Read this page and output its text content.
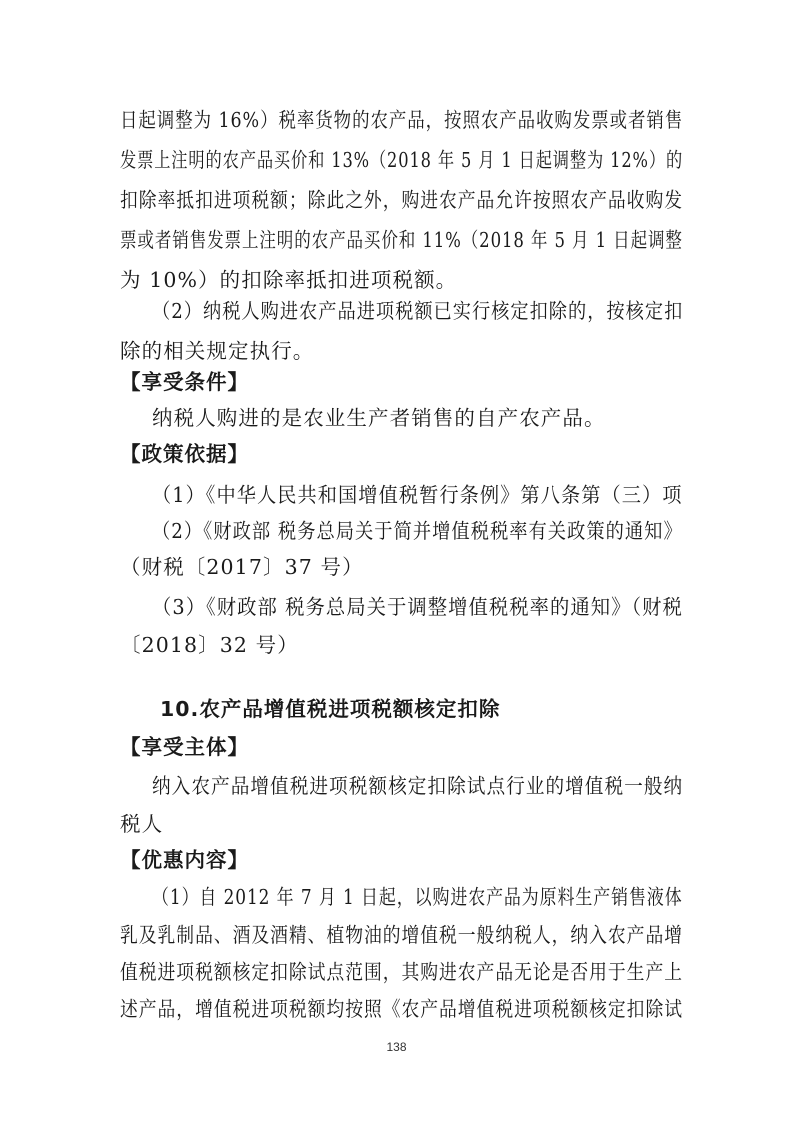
日起调整为 16%）税率货物的农产品，按照农产品收购发票或者销售
发票上注明的农产品买价和 13%（2018 年 5 月 1 日起调整为 12%）的
扣除率抵扣进项税额；除此之外，购进农产品允许按照农产品收购发
票或者销售发票上注明的农产品买价和 11%（2018 年 5 月 1 日起调整
为 10%）的扣除率抵扣进项税额。
（2）纳税人购进农产品进项税额已实行核定扣除的，按核定扣
除的相关规定执行。
【享受条件】
纳税人购进的是农业生产者销售的自产农产品。
【政策依据】
（1）《中华人民共和国增值税暂行条例》第八条第（三）项
（2）《财政部 税务总局关于简并增值税税率有关政策的通知》
（财税〔2017〕37 号）
（3）《财政部 税务总局关于调整增值税税率的通知》（财税
〔2018〕32 号）
10.农产品增值税进项税额核定扣除
【享受主体】
纳入农产品增值税进项税额核定扣除试点行业的增值税一般纳
税人
【优惠内容】
（1）自 2012 年 7 月 1 日起，以购进农产品为原料生产销售液体
乳及乳制品、酒及酒精、植物油的增值税一般纳税人，纳入农产品增
值税进项税额核定扣除试点范围，其购进农产品无论是否用于生产上
述产品，增值税进项税额均按照《农产品增值税进项税额核定扣除试
138
